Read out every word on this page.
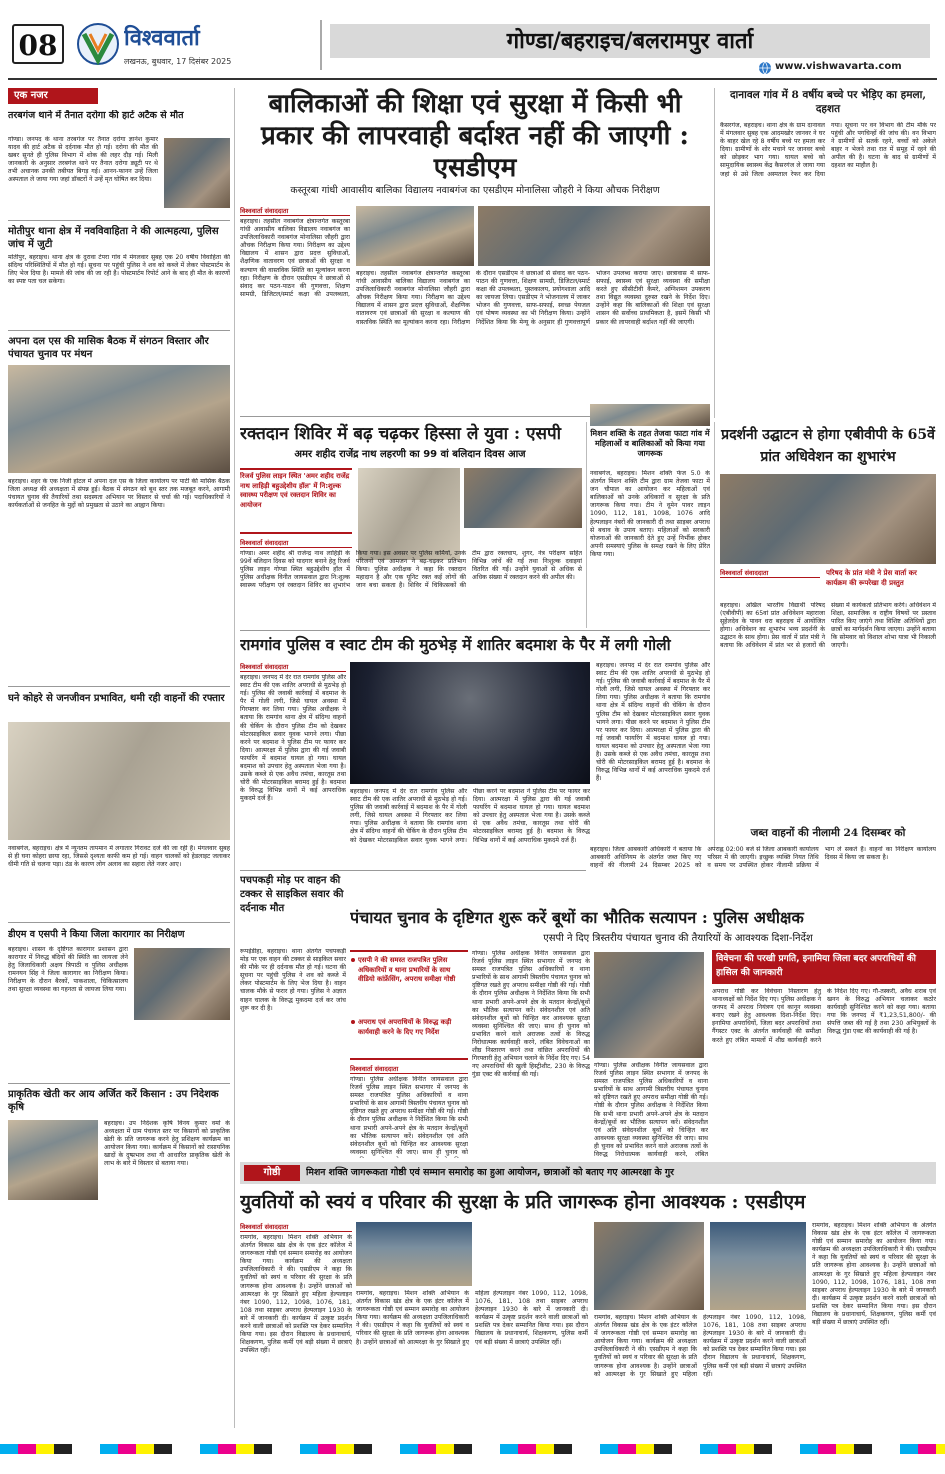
08	विश्ववार्ता
लखनऊ, बुधवार, 17 दिसंबर 2025
गोण्डा/बहराइच/बलरामपुर वार्ता
www.vishwavarta.com
एक नजर
तरबगंज थाने में तैनात दरोगा की हार्ट अटैक से मौत
गोण्डा। जनपद के थाना तरबगंज पर तैनात दरोगा ज्ञानेश कुमार यादव की हार्ट अटैक से दर्दनाक मौत हो गई। दरोगा की मौत की खबर सुनते ही पुलिस विभाग में शोक की लहर दौड़ गई। मिली जानकारी के अनुसार तरबगंज थाने पर तैनात दरोगा ड्यूटी पर थे तभी अचानक उनकी तबीयत बिगड़ गई। आनन-फानन उन्हें जिला अस्पताल ले जाया गया जहां डॉक्टरों ने उन्हें मृत घोषित कर दिया।
मोतीपुर थाना क्षेत्र में नवविवाहिता ने की आत्महत्या, पुलिस जांच में जुटी
मोतीपुर, बहराइच। थाना क्षेत्र के दुरावा टेपरा गांव में मंगलवार सुबह एक 20 वर्षीय विवाहिता की संदिग्ध परिस्थितियों में मौत हो गई। सूचना पर पहुंची पुलिस ने शव को कब्जे में लेकर पोस्टमार्टम के लिए भेज दिया है। मामले की जांच की जा रही है। पोस्टमार्टम रिपोर्ट आने के बाद ही मौत के कारणों का स्पष्ट पता चल सकेगा।
अपना दल एस की मासिक बैठक में संगठन विस्तार और पंचायत चुनाव पर मंथन
बहराइच। शहर के एक निजी होटल में अपना दल एस के जिला कार्यालय पर पार्टी की मासिक बैठक जिला अध्यक्ष की अध्यक्षता में संपन्न हुई। बैठक में संगठन को बूथ स्तर तक मजबूत करने, आगामी पंचायत चुनाव की तैयारियों तथा सदस्यता अभियान पर विस्तार से चर्चा की गई। पदाधिकारियों ने कार्यकर्ताओं से जनहित के मुद्दों को प्रमुखता से उठाने का आह्वान किया।
घने कोहरे से जनजीवन प्रभावित, थमी रही वाहनों की रफ्तार
नवाबगंज, बहराइच। क्षेत्र में न्यूनतम तापमान में लगातार गिरावट दर्ज की जा रही है। मंगलवार सुबह से ही घना कोहरा छाया रहा, जिससे दृश्यता काफी कम हो गई। वाहन चालकों को हेडलाइट जलाकर धीमी गति से चलना पड़ा। ठंड के कारण लोग अलाव का सहारा लेते नजर आए।
डीएम व एसपी ने किया जिला कारागार का निरीक्षण
बहराइच। शासन के दृष्टिगत कारागार प्रशासन द्वारा कारागार में निरुद्ध बंदियों की स्थिति का जायजा लेने हेतु जिलाधिकारी अक्षय त्रिपाठी व पुलिस अधीक्षक रामनयन सिंह ने जिला कारागार का निरीक्षण किया। निरीक्षण के दौरान बैरकों, पाकशाला, चिकित्सालय तथा सुरक्षा व्यवस्था का गहनता से जायजा लिया गया।
प्राकृतिक खेती कर आय अर्जित करें किसान : उप निदेशक कृषि
बहराइच। उप निदेशक कृषि विनय कुमार वर्मा के अध्यक्षता में ग्राम पंचायत स्तर पर किसानों को प्राकृतिक खेती के प्रति जागरूक करने हेतु प्रशिक्षण कार्यक्रम का आयोजन किया गया। कार्यक्रम में किसानों को रासायनिक खादों के दुष्प्रभाव तथा गौ आधारित प्राकृतिक खेती के लाभ के बारे में विस्तार से बताया गया।
बालिकाओं की शिक्षा एवं सुरक्षा में किसी भी प्रकार की लापरवाही बर्दाश्त नहीं की जाएगी : एसडीएम
कस्तूरबा गांधी आवासीय बालिका विद्यालय नवाबगंज का एसडीएम मोनालिसा जौहरी ने किया औचक निरीक्षण
विश्ववार्ता संवाददाता
बहराइच। तहसील नवाबगंज क्षेत्रान्तर्गत कस्तूरबा गांधी आवासीय बालिका विद्यालय नवाबगंज का उपजिलाधिकारी नवाबगंज मोनालिसा जौहरी द्वारा औचक निरीक्षण किया गया। निरीक्षण का उद्देश्य विद्यालय में शासन द्वारा प्रदत्त सुविधाओं, शैक्षणिक वातावरण एवं छात्राओं की सुरक्षा व कल्याण की वास्तविक स्थिति का मूल्यांकन करना रहा। निरीक्षण के दौरान एसडीएम ने छात्राओं से संवाद कर पठन-पाठन की गुणवत्ता, शिक्षण सामग्री, डिजिटल/स्मार्ट कक्षा की उपलब्धता,
बहराइच। तहसील नवाबगंज क्षेत्रान्तर्गत कस्तूरबा गांधी आवासीय बालिका विद्यालय नवाबगंज का उपजिलाधिकारी नवाबगंज मोनालिसा जौहरी द्वारा औचक निरीक्षण किया गया। निरीक्षण का उद्देश्य विद्यालय में शासन द्वारा प्रदत्त सुविधाओं, शैक्षणिक वातावरण एवं छात्राओं की सुरक्षा व कल्याण की वास्तविक स्थिति का मूल्यांकन करना रहा। निरीक्षण के दौरान एसडीएम ने छात्राओं से संवाद कर पठन-पाठन की गुणवत्ता, शिक्षण सामग्री, डिजिटल/स्मार्ट कक्षा की उपलब्धता, पुस्तकालय, प्रयोगशाला आदि का जायजा लिया। एसडीएम ने भोजनालय में जाकर भोजन की गुणवत्ता, साफ-सफाई, स्वच्छ पेयजल एवं पोषण व्यवस्था का भी निरीक्षण किया। उन्होंने निर्देशित किया कि मेन्यू के अनुसार ही गुणवत्तापूर्ण भोजन उपलब्ध कराया जाए। छात्रावास में साफ-सफाई, स्वास्थ्य एवं सुरक्षा व्यवस्था की समीक्षा करते हुए सीसीटीवी कैमरे, अग्निशमन उपकरण तथा विद्युत व्यवस्था दुरुस्त रखने के निर्देश दिए। उन्होंने कहा कि बालिकाओं की शिक्षा एवं सुरक्षा शासन की सर्वोच्च प्राथमिकता है, इसमें किसी भी प्रकार की लापरवाही बर्दाश्त नहीं की जाएगी।
दानावल गांव में 8 वर्षीय बच्चे पर भेड़िए का हमला, दहशत
कैसरगंज, बहराइच। थाना क्षेत्र के ग्राम दानावल में मंगलवार सुबह एक आदमखोर जानवर ने घर के बाहर खेल रहे 8 वर्षीय बच्चे पर हमला कर दिया। ग्रामीणों के शोर मचाने पर जानवर बच्चे को छोड़कर भाग गया। घायल बच्चे को सामुदायिक स्वास्थ्य केंद्र कैसरगंज ले जाया गया जहां से उसे जिला अस्पताल रेफर कर दिया गया। सूचना पर वन विभाग की टीम मौके पर पहुंची और पगचिन्हों की जांच की। वन विभाग ने ग्रामीणों से सतर्क रहने, बच्चों को अकेले बाहर न भेजने तथा रात में समूह में रहने की अपील की है। घटना के बाद से ग्रामीणों में दहशत का माहौल है।
रक्तदान शिविर में बढ़ चढ़कर हिस्सा ले युवा : एसपी
अमर शहीद राजेंद्र नाथ लहरणी का 99 वां बलिदान दिवस आज
रिजर्व पुलिस लाइन स्थित 'अमर शहीद राजेंद्र नाथ लाहिड़ी बहुउद्देशीय हॉल' में नि:शुल्क स्वास्थ्य परीक्षण एवं रक्तदान शिविर का आयोजन
विश्ववार्ता संवाददाता
गोण्डा। अमर शहीद श्री राजेन्द्र नाथ लाहिड़ी के 99वें बलिदान दिवस को यादगार बनाने हेतु रिजर्व पुलिस लाइन गोण्डा स्थित बहुउद्देशीय हॉल में पुलिस अधीक्षक विनीत जायसवाल द्वारा नि:शुल्क स्वास्थ्य परीक्षण एवं रक्तदान शिविर का शुभारंभ किया गया। इस अवसर पर पुलिस कर्मियों, उनके परिजनों एवं आमजन ने बढ़-चढ़कर प्रतिभाग किया। पुलिस अधीक्षक ने कहा कि रक्तदान महादान है और एक यूनिट रक्त कई लोगों की जान बचा सकता है। शिविर में चिकित्सकों की टीम द्वारा रक्तचाप, शुगर, नेत्र परीक्षण सहित विभिन्न जांचें की गईं तथा निःशुल्क दवाइयां वितरित की गईं। उन्होंने युवाओं से अधिक से अधिक संख्या में रक्तदान करने की अपील की।
मिशन शक्ति के तहत तेजवा फाटा गांव में महिलाओं व बालिकाओं को किया गया जागरूक
नवाबगंज, बहराइच। मिशन शक्ति फेज 5.0 के अंतर्गत मिशन शक्ति टीम द्वारा ग्राम तेजवा फाटा में जन चौपाल का आयोजन कर महिलाओं एवं बालिकाओं को उनके अधिकारों व सुरक्षा के प्रति जागरूक किया गया। टीम ने वूमेन पावर लाइन 1090, 112, 181, 1098, 1076 आदि हेल्पलाइन नंबरों की जानकारी दी तथा साइबर अपराध से बचाव के उपाय बताए। महिलाओं को सरकारी योजनाओं की जानकारी देते हुए उन्हें निर्भीक होकर अपनी समस्याएं पुलिस के समक्ष रखने के लिए प्रेरित किया गया।
प्रदर्शनी उद्घाटन से होगा एबीवीपी के 65वें प्रांत अधिवेशन का शुभारंभ
विश्ववार्ता संवाददाता	परिषद के प्रांत मंत्री ने प्रेस वार्ता कर कार्यक्रम की रूपरेखा दी प्रस्तुत
बहराइच। अखिल भारतीय विद्यार्थी परिषद (एबीवीपी) का 65वां प्रांत अधिवेशन महाराजा सुहेलदेव के पावन धरा बहराइच में आयोजित होगा। अधिवेशन का शुभारंभ भव्य प्रदर्शनी के उद्घाटन के साथ होगा। प्रेस वार्ता में प्रांत मंत्री ने बताया कि अधिवेशन में प्रांत भर से हजारों की संख्या में कार्यकर्ता प्रतिभाग करेंगे। अधिवेशन में शिक्षा, सामाजिक व राष्ट्रीय विषयों पर प्रस्ताव पारित किए जाएंगे तथा विशिष्ट अतिथियों द्वारा छात्रों का मार्गदर्शन किया जाएगा। उन्होंने बताया कि सोमवार को विशाल शोभा यात्रा भी निकाली जाएगी।
जब्त वाहनों की नीलामी 24 दिसम्बर को
बहराइच। जिला आबकारी अधिकारी ने बताया कि आबकारी अधिनियम के अंतर्गत जब्त किए गए वाहनों की नीलामी 24 दिसम्बर 2025 को अपराह्न 02:00 बजे से जिला आबकारी कार्यालय परिसर में की जाएगी। इच्छुक व्यक्ति नियत तिथि व समय पर उपस्थित होकर नीलामी प्रक्रिया में भाग ले सकते हैं। वाहनों का निरीक्षण कार्यालय दिवस में किया जा सकता है।
रामगांव पुलिस व स्वाट टीम की मुठभेड़ में शातिर बदमाश के पैर में लगी गोली
विश्ववार्ता संवाददाता
बहराइच। जनपद में देर रात रामगांव पुलिस और स्वाट टीम की एक शातिर अपराधी से मुठभेड़ हो गई। पुलिस की जवाबी कार्रवाई में बदमाश के पैर में गोली लगी, जिसे घायल अवस्था में गिरफ्तार कर लिया गया। पुलिस अधीक्षक ने बताया कि रामगांव थाना क्षेत्र में संदिग्ध वाहनों की चेकिंग के दौरान पुलिस टीम को देखकर मोटरसाइकिल सवार युवक भागने लगा। पीछा करने पर बदमाश ने पुलिस टीम पर फायर कर दिया। आत्मरक्षा में पुलिस द्वारा की गई जवाबी फायरिंग में बदमाश घायल हो गया। घायल बदमाश को उपचार हेतु अस्पताल भेजा गया है। उसके कब्जे से एक अवैध तमंचा, कारतूस तथा चोरी की मोटरसाइकिल बरामद हुई है। बदमाश के विरुद्ध विभिन्न थानों में कई आपराधिक मुकदमे दर्ज हैं।
बहराइच। जनपद में देर रात रामगांव पुलिस और स्वाट टीम की एक शातिर अपराधी से मुठभेड़ हो गई। पुलिस की जवाबी कार्रवाई में बदमाश के पैर में गोली लगी, जिसे घायल अवस्था में गिरफ्तार कर लिया गया। पुलिस अधीक्षक ने बताया कि रामगांव थाना क्षेत्र में संदिग्ध वाहनों की चेकिंग के दौरान पुलिस टीम को देखकर मोटरसाइकिल सवार युवक भागने लगा। पीछा करने पर बदमाश ने पुलिस टीम पर फायर कर दिया। आत्मरक्षा में पुलिस द्वारा की गई जवाबी फायरिंग में बदमाश घायल हो गया। घायल बदमाश को उपचार हेतु अस्पताल भेजा गया है। उसके कब्जे से एक अवैध तमंचा, कारतूस तथा चोरी की मोटरसाइकिल बरामद हुई है। बदमाश के विरुद्ध विभिन्न थानों में कई आपराधिक मुकदमे दर्ज हैं।
बहराइच। जनपद में देर रात रामगांव पुलिस और स्वाट टीम की एक शातिर अपराधी से मुठभेड़ हो गई। पुलिस की जवाबी कार्रवाई में बदमाश के पैर में गोली लगी, जिसे घायल अवस्था में गिरफ्तार कर लिया गया। पुलिस अधीक्षक ने बताया कि रामगांव थाना क्षेत्र में संदिग्ध वाहनों की चेकिंग के दौरान पुलिस टीम को देखकर मोटरसाइकिल सवार युवक भागने लगा। पीछा करने पर बदमाश ने पुलिस टीम पर फायर कर दिया। आत्मरक्षा में पुलिस द्वारा की गई जवाबी फायरिंग में बदमाश घायल हो गया। घायल बदमाश को उपचार हेतु अस्पताल भेजा गया है। उसके कब्जे से एक अवैध तमंचा, कारतूस तथा चोरी की मोटरसाइकिल बरामद हुई है। बदमाश के विरुद्ध विभिन्न थानों में कई आपराधिक मुकदमे दर्ज हैं।
पचपकड़ी मोड़ पर वाहन की टक्कर से साइकिल सवार की दर्दनाक मौत
रूपईडीहा, बहराइच। थाना अंतर्गत पचपकड़ी मोड़ पर एक वाहन की टक्कर से साइकिल सवार की मौके पर ही दर्दनाक मौत हो गई। घटना की सूचना पर पहुंची पुलिस ने शव को कब्जे में लेकर पोस्टमार्टम के लिए भेज दिया है। वाहन चालक मौके से फरार हो गया। पुलिस ने अज्ञात वाहन चालक के विरुद्ध मुकदमा दर्ज कर जांच शुरू कर दी है।
पंचायत चुनाव के दृष्टिगत शुरू करें बूथों का भौतिक सत्यापन : पुलिस अधीक्षक
एसपी ने दिए त्रिस्तरीय पंचायत चुनाव की तैयारियों के आवश्यक दिशा-निर्देश
एसपी ने की समस्त राजपत्रित पुलिस अधिकारियों व थाना प्रभारियों के साथ वीडियो कांफ्रेंसिंग, अपराध समीक्षा गोष्ठी
अपराध एवं अपराधियों के विरुद्ध कड़ी कार्यवाही करने के दिए गए निर्देश
विश्ववार्ता संवाददाता
गोण्डा। पुलिस अधीक्षक विनीत जायसवाल द्वारा रिजर्व पुलिस लाइन स्थित सभागार में जनपद के समस्त राजपत्रित पुलिस अधिकारियों व थाना प्रभारियों के साथ आगामी त्रिस्तरीय पंचायत चुनाव को दृष्टिगत रखते हुए अपराध समीक्षा गोष्ठी की गई। गोष्ठी के दौरान पुलिस अधीक्षक ने निर्देशित किया कि सभी थाना प्रभारी अपने-अपने क्षेत्र के मतदान केन्द्रों/बूथों का भौतिक सत्यापन करें। संवेदनशील एवं अति संवेदनशील बूथों को चिन्हित कर आवश्यक सुरक्षा व्यवस्था सुनिश्चित की जाए। साथ ही चुनाव को
गोण्डा। पुलिस अधीक्षक विनीत जायसवाल द्वारा रिजर्व पुलिस लाइन स्थित सभागार में जनपद के समस्त राजपत्रित पुलिस अधिकारियों व थाना प्रभारियों के साथ आगामी त्रिस्तरीय पंचायत चुनाव को दृष्टिगत रखते हुए अपराध समीक्षा गोष्ठी की गई। गोष्ठी के दौरान पुलिस अधीक्षक ने निर्देशित किया कि सभी थाना प्रभारी अपने-अपने क्षेत्र के मतदान केन्द्रों/बूथों का भौतिक सत्यापन करें। संवेदनशील एवं अति संवेदनशील बूथों को चिन्हित कर आवश्यक सुरक्षा व्यवस्था सुनिश्चित की जाए। साथ ही चुनाव को प्रभावित करने वाले अराजक तत्वों के विरुद्ध निरोधात्मक कार्यवाही करने, लंबित विवेचनाओं का शीघ्र निस्तारण करने तथा वांछित अपराधियों की गिरफ्तारी हेतु अभियान चलाने के निर्देश दिए गए। 54 नए अपराधियों की खुली हिस्ट्रीशीट, 230 के विरुद्ध गुंडा एक्ट की कार्रवाई की गई।
गोण्डा। पुलिस अधीक्षक विनीत जायसवाल द्वारा रिजर्व पुलिस लाइन स्थित सभागार में जनपद के समस्त राजपत्रित पुलिस अधिकारियों व थाना प्रभारियों के साथ आगामी त्रिस्तरीय पंचायत चुनाव को दृष्टिगत रखते हुए अपराध समीक्षा गोष्ठी की गई। गोष्ठी के दौरान पुलिस अधीक्षक ने निर्देशित किया कि सभी थाना प्रभारी अपने-अपने क्षेत्र के मतदान केन्द्रों/बूथों का भौतिक सत्यापन करें। संवेदनशील एवं अति संवेदनशील बूथों को चिन्हित कर आवश्यक सुरक्षा व्यवस्था सुनिश्चित की जाए। साथ ही चुनाव को प्रभावित करने वाले अराजक तत्वों के विरुद्ध निरोधात्मक कार्यवाही करने, लंबित
विवेचना की परखी प्रगति, इनामिया जिला बदर अपराधियों की हासिल की जानकारी
अपराध गोष्ठी कर विवेचना निस्तारण हेतु थानाध्यक्षों को निर्देश दिए गए। पुलिस अधीक्षक ने जनपद में अपराध नियंत्रण एवं कानून व्यवस्था बनाए रखने हेतु आवश्यक दिशा-निर्देश दिए। इनामिया अपराधियों, जिला बदर अपराधियों तथा गैंगस्टर एक्ट के अंतर्गत कार्यवाही की समीक्षा करते हुए लंबित मामलों में शीघ्र कार्यवाही करने के निर्देश दिए गए। गौ-तस्करी, अवैध शराब एवं खनन के विरुद्ध अभियान चलाकर कठोर कार्यवाही सुनिश्चित करने को कहा गया। बताया गया कि जनपद में ₹1,23,51,800/- की संपत्ति जब्त की गई है तथा 230 अभियुक्तों के विरुद्ध गुंडा एक्ट की कार्यवाही की गई है।
गोष्ठी	मिशन शक्ति जागरूकता गोष्ठी एवं सम्मान समारोह का हुआ आयोजन, छात्राओं को बताए गए आत्मरक्षा के गुर
युवतियों को स्वयं व परिवार की सुरक्षा के प्रति जागरूक होना आवश्यक : एसडीएम
विश्ववार्ता संवाददाता
रामगांव, बहराइच। मिशन शक्ति अभियान के अंतर्गत विकास खंड क्षेत्र के एक इंटर कॉलेज में जागरूकता गोष्ठी एवं सम्मान समारोह का आयोजन किया गया। कार्यक्रम की अध्यक्षता उपजिलाधिकारी ने की। एसडीएम ने कहा कि युवतियों को स्वयं व परिवार की सुरक्षा के प्रति जागरूक होना आवश्यक है। उन्होंने छात्राओं को आत्मरक्षा के गुर सिखाते हुए महिला हेल्पलाइन नंबर 1090, 112, 1098, 1076, 181, 108 तथा साइबर अपराध हेल्पलाइन 1930 के बारे में जानकारी दी। कार्यक्रम में उत्कृष्ट प्रदर्शन करने वाली छात्राओं को प्रशस्ति पत्र देकर सम्मानित किया गया। इस दौरान विद्यालय के प्रधानाचार्य, शिक्षकगण, पुलिस कर्मी एवं बड़ी संख्या में छात्राएं उपस्थित रहीं।
रामगांव, बहराइच। मिशन शक्ति अभियान के अंतर्गत विकास खंड क्षेत्र के एक इंटर कॉलेज में जागरूकता गोष्ठी एवं सम्मान समारोह का आयोजन किया गया। कार्यक्रम की अध्यक्षता उपजिलाधिकारी ने की। एसडीएम ने कहा कि युवतियों को स्वयं व परिवार की सुरक्षा के प्रति जागरूक होना आवश्यक है। उन्होंने छात्राओं को आत्मरक्षा के गुर सिखाते हुए महिला हेल्पलाइन नंबर 1090, 112, 1098, 1076, 181, 108 तथा साइबर अपराध हेल्पलाइन 1930 के बारे में जानकारी दी। कार्यक्रम में उत्कृष्ट प्रदर्शन करने वाली छात्राओं को प्रशस्ति पत्र देकर सम्मानित किया गया। इस दौरान विद्यालय के प्रधानाचार्य, शिक्षकगण, पुलिस कर्मी एवं बड़ी संख्या में छात्राएं उपस्थित रहीं।
रामगांव, बहराइच। मिशन शक्ति अभियान के अंतर्गत विकास खंड क्षेत्र के एक इंटर कॉलेज में जागरूकता गोष्ठी एवं सम्मान समारोह का आयोजन किया गया। कार्यक्रम की अध्यक्षता उपजिलाधिकारी ने की। एसडीएम ने कहा कि युवतियों को स्वयं व परिवार की सुरक्षा के प्रति जागरूक होना आवश्यक है। उन्होंने छात्राओं को आत्मरक्षा के गुर सिखाते हुए महिला हेल्पलाइन नंबर 1090, 112, 1098, 1076, 181, 108 तथा साइबर अपराध हेल्पलाइन 1930 के बारे में जानकारी दी। कार्यक्रम में उत्कृष्ट प्रदर्शन करने वाली छात्राओं को प्रशस्ति पत्र देकर सम्मानित किया गया। इस दौरान विद्यालय के प्रधानाचार्य, शिक्षकगण, पुलिस कर्मी एवं बड़ी संख्या में छात्राएं उपस्थित रहीं।
रामगांव, बहराइच। मिशन शक्ति अभियान के अंतर्गत विकास खंड क्षेत्र के एक इंटर कॉलेज में जागरूकता गोष्ठी एवं सम्मान समारोह का आयोजन किया गया। कार्यक्रम की अध्यक्षता उपजिलाधिकारी ने की। एसडीएम ने कहा कि युवतियों को स्वयं व परिवार की सुरक्षा के प्रति जागरूक होना आवश्यक है। उन्होंने छात्राओं को आत्मरक्षा के गुर सिखाते हुए महिला हेल्पलाइन नंबर 1090, 112, 1098, 1076, 181, 108 तथा साइबर अपराध हेल्पलाइन 1930 के बारे में जानकारी दी। कार्यक्रम में उत्कृष्ट प्रदर्शन करने वाली छात्राओं को प्रशस्ति पत्र देकर सम्मानित किया गया। इस दौरान विद्यालय के प्रधानाचार्य, शिक्षकगण, पुलिस कर्मी एवं बड़ी संख्या में छात्राएं उपस्थित रहीं।
